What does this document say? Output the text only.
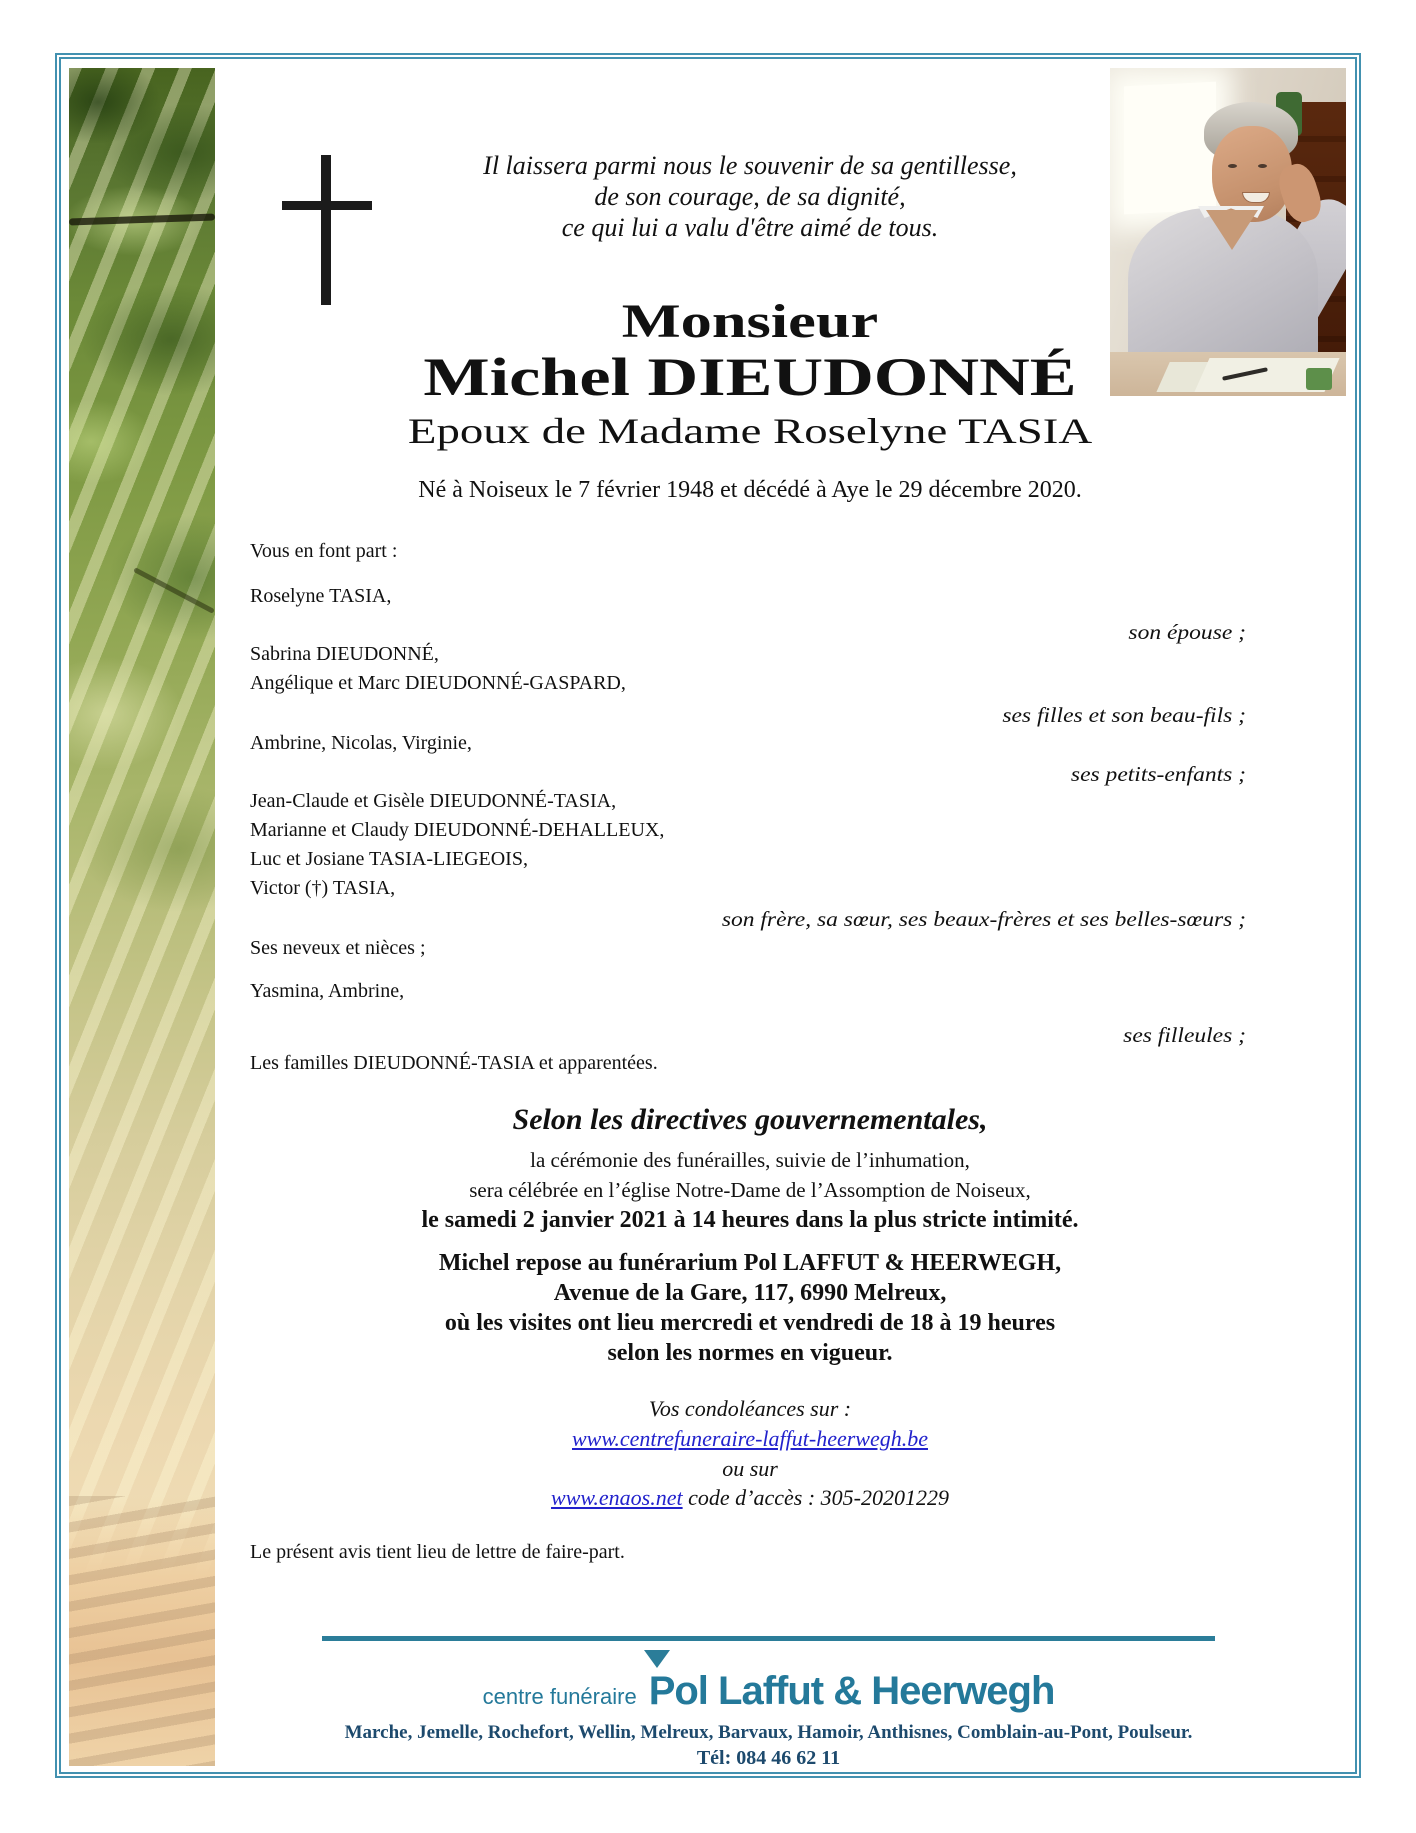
Il laissera parmi nous le souvenir de sa gentillesse,
de son courage, de sa dignité,
ce qui lui a valu d'être aimé de tous.
Monsieur
Michel DIEUDONNÉ
Epoux de Madame Roselyne TASIA
Né à Noiseux le 7 février 1948 et décédé à Aye le 29 décembre 2020.
Vous en font part :
Roselyne TASIA,
son épouse ;
Sabrina DIEUDONNÉ,
Angélique et Marc DIEUDONNÉ-GASPARD,
ses filles et son beau-fils ;
Ambrine, Nicolas, Virginie,
ses petits-enfants ;
Jean-Claude et Gisèle DIEUDONNÉ-TASIA,
Marianne et Claudy DIEUDONNÉ-DEHALLEUX,
Luc et Josiane TASIA-LIEGEOIS,
Victor (†) TASIA,
son frère, sa sœur, ses beaux-frères et ses belles-sœurs ;
Ses neveux et nièces ;
Yasmina, Ambrine,
ses filleules ;
Les familles DIEUDONNÉ-TASIA et apparentées.
Selon les directives gouvernementales,
la cérémonie des funérailles, suivie de l’inhumation,
sera célébrée en l’église Notre-Dame de l’Assomption de Noiseux,
le samedi 2 janvier 2021 à 14 heures dans la plus stricte intimité.
Michel repose au funérarium Pol LAFFUT & HEERWEGH,
Avenue de la Gare, 117, 6990 Melreux,
où les visites ont lieu mercredi et vendredi de 18 à 19 heures
selon les normes en vigueur.
Vos condoléances sur :
www.centrefuneraire-laffut-heerwegh.be
ou sur
www.enaos.net code d’accès : 305-20201229
Le présent avis tient lieu de lettre de faire-part.
centre funéraire Pol Laffut & Heerwegh
Marche, Jemelle, Rochefort, Wellin, Melreux, Barvaux, Hamoir, Anthisnes, Comblain-au-Pont, Poulseur.
Tél: 084 46 62 11
